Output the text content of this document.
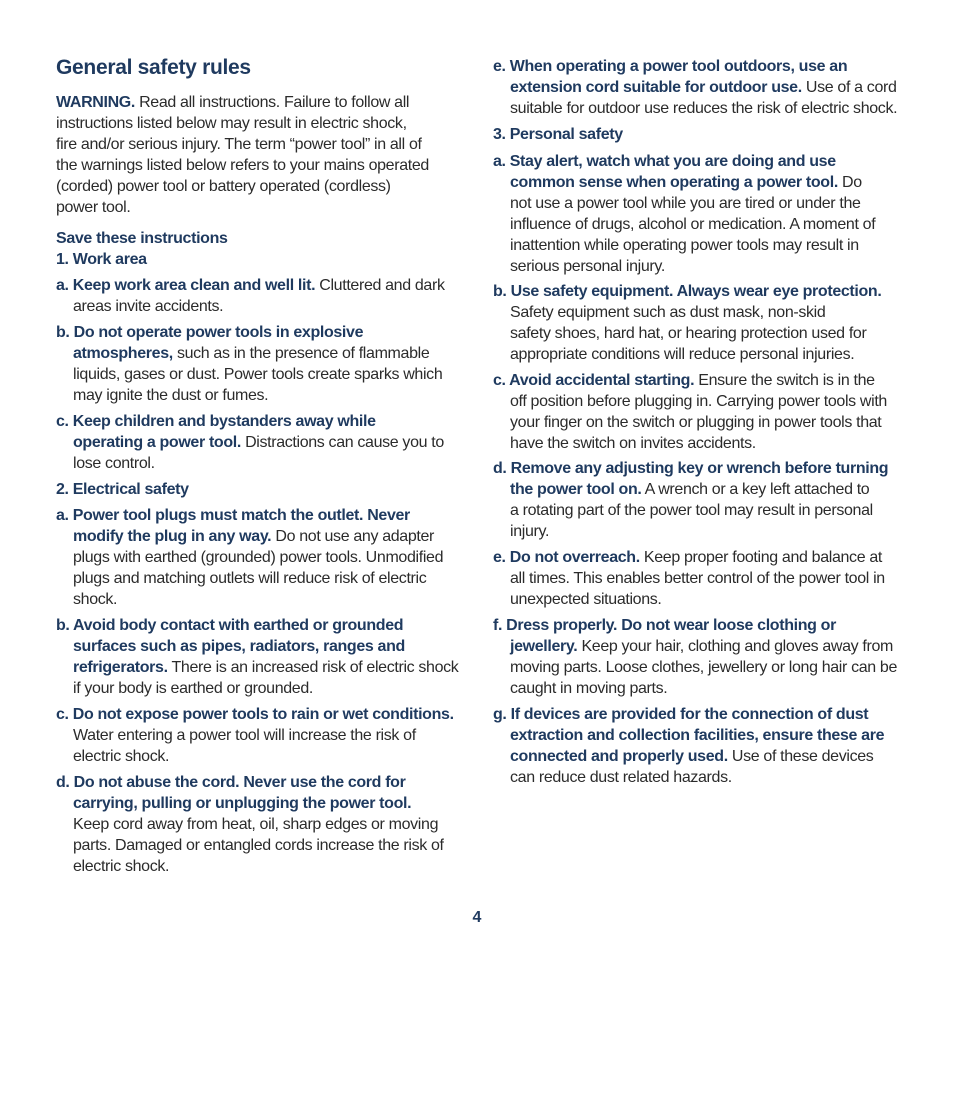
General safety rules
WARNING. Read all instructions. Failure to follow all
instructions listed below may result in electric shock,
fire and/or serious injury. The term “power tool” in all of
the warnings listed below refers to your mains operated
(corded) power tool or battery operated (cordless)
power tool.
Save these instructions
1. Work area
a. Keep work area clean and well lit. Cluttered and dark
areas invite accidents.
b. Do not operate power tools in explosive
atmospheres, such as in the presence of flammable
liquids, gases or dust. Power tools create sparks which
may ignite the dust or fumes.
c. Keep children and bystanders away while
operating a power tool. Distractions can cause you to
lose control.
2. Electrical safety
a. Power tool plugs must match the outlet. Never
modify the plug in any way. Do not use any adapter
plugs with earthed (grounded) power tools. Unmodified
plugs and matching outlets will reduce risk of electric
shock.
b. Avoid body contact with earthed or grounded
surfaces such as pipes, radiators, ranges and
refrigerators. There is an increased risk of electric shock
if your body is earthed or grounded.
c. Do not expose power tools to rain or wet conditions.
Water entering a power tool will increase the risk of
electric shock.
d. Do not abuse the cord. Never use the cord for
carrying, pulling or unplugging the power tool.
Keep cord away from heat, oil, sharp edges or moving
parts. Damaged or entangled cords increase the risk of
electric shock.
e. When operating a power tool outdoors, use an
extension cord suitable for outdoor use. Use of a cord
suitable for outdoor use reduces the risk of electric shock.
3. Personal safety
a. Stay alert, watch what you are doing and use
common sense when operating a power tool. Do
not use a power tool while you are tired or under the
influence of drugs, alcohol or medication. A moment of
inattention while operating power tools may result in
serious personal injury.
b. Use safety equipment. Always wear eye protection.
Safety equipment such as dust mask, non-skid
safety shoes, hard hat, or hearing protection used for
appropriate conditions will reduce personal injuries.
c. Avoid accidental starting. Ensure the switch is in the
off position before plugging in. Carrying power tools with
your finger on the switch or plugging in power tools that
have the switch on invites accidents.
d. Remove any adjusting key or wrench before turning
the power tool on. A wrench or a key left attached to
a rotating part of the power tool may result in personal
injury.
e. Do not overreach. Keep proper footing and balance at
all times. This enables better control of the power tool in
unexpected situations.
f. Dress properly. Do not wear loose clothing or
jewellery. Keep your hair, clothing and gloves away from
moving parts. Loose clothes, jewellery or long hair can be
caught in moving parts.
g. If devices are provided for the connection of dust
extraction and collection facilities, ensure these are
connected and properly used. Use of these devices
can reduce dust related hazards.
4
